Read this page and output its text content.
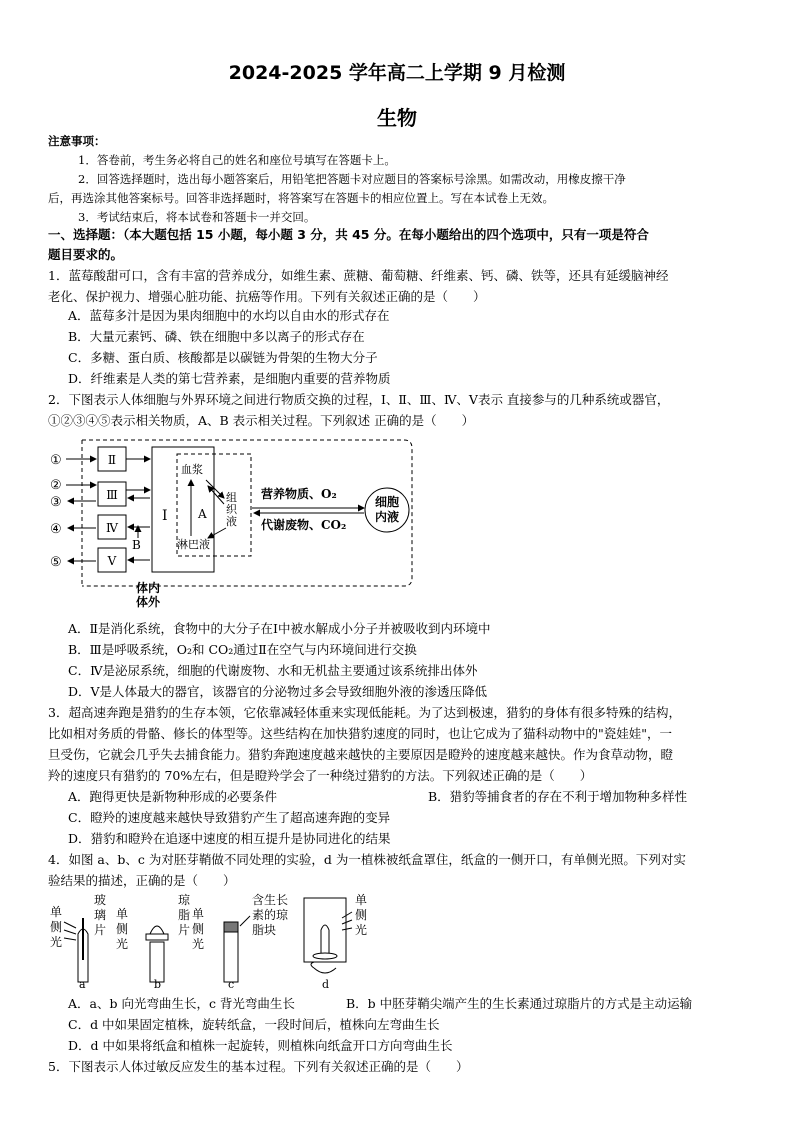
2024-2025 学年高二上学期 9 月检测
生物
注意事项：
1．答卷前，考生务必将自己的姓名和座位号填写在答题卡上。
2．回答选择题时，选出每小题答案后，用铅笔把答题卡对应题目的答案标号涂黑。如需改动，用橡皮擦干净
后，再选涂其他答案标号。回答非选择题时，将答案写在答题卡的相应位置上。写在本试卷上无效。
3．考试结束后，将本试卷和答题卡一并交回。
一、选择题：（本大题包括 15 小题，每小题 3 分，共 45 分。在每小题给出的四个选项中，只有一项是符合
题目要求的。
1．蓝莓酸甜可口，含有丰富的营养成分，如维生素、蔗糖、葡萄糖、纤维素、钙、磷、铁等，还具有延缓脑神经
老化、保护视力、增强心脏功能、抗癌等作用。下列有关叙述正确的是（　　）
A．蓝莓多汁是因为果肉细胞中的水均以自由水的形式存在
B．大量元素钙、磷、铁在细胞中多以离子的形式存在
C．多糖、蛋白质、核酸都是以碳链为骨架的生物大分子
D．纤维素是人类的第七营养素，是细胞内重要的营养物质
2．下图表示人体细胞与外界环境之间进行物质交换的过程，Ⅰ、Ⅱ、Ⅲ、Ⅳ、Ⅴ表示 直接参与的几种系统或器官，
①②③④⑤表示相关物质，A、B 表示相关过程。下列叙述 正确的是（　　）
Ⅱ
Ⅲ
Ⅳ
Ⅴ
Ⅰ
①
②
③
④
⑤
B
血浆
组
织
液
淋巴液
A
营养物质、O₂
代谢废物、CO₂
细胞
内液
体内
体外
A．Ⅱ是消化系统，食物中的大分子在Ⅰ中被水解成小分子并被吸收到内环境中
B．Ⅲ是呼吸系统，O₂和 CO₂通过Ⅱ在空气与内环境间进行交换
C．Ⅳ是泌尿系统，细胞的代谢废物、水和无机盐主要通过该系统排出体外
D．Ⅴ是人体最大的器官，该器官的分泌物过多会导致细胞外液的渗透压降低
3．超高速奔跑是猎豹的生存本领，它依靠减轻体重来实现低能耗。为了达到极速，猎豹的身体有很多特殊的结构，
比如相对务质的骨骼、修长的体型等。这些结构在加快猎豹速度的同时，也让它成为了猫科动物中的"瓷娃娃"，一
旦受伤，它就会几乎失去捕食能力。猎豹奔跑速度越来越快的主要原因是瞪羚的速度越来越快。作为食草动物，瞪
羚的速度只有猎豹的 70%左右，但是瞪羚学会了一种绕过猎豹的方法。下列叙述正确的是（　　）
A．跑得更快是新物种形成的必要条件	B．猎豹等捕食者的存在不利于增加物种多样性
C．瞪羚的速度越来越快导致猎豹产生了超高速奔跑的变异
D．猎豹和瞪羚在追逐中速度的相互提升是协同进化的结果
4．如图 a、b、c 为对胚芽鞘做不同处理的实验，d 为一植株被纸盒罩住，纸盒的一侧开口，有单侧光照。下列对实
验结果的描述，正确的是（　　）
单
侧
光
玻
璃
片
a
单
侧
光
琼
脂
片
b
单
侧
光
含生长
素的琼
脂块
c
单
侧
光
d
A．a、b 向光弯曲生长，c 背光弯曲生长	B．b 中胚芽鞘尖端产生的生长素通过琼脂片的方式是主动运输
C．d 中如果固定植株，旋转纸盒，一段时间后，植株向左弯曲生长
D．d 中如果将纸盒和植株一起旋转，则植株向纸盒开口方向弯曲生长
5．下图表示人体过敏反应发生的基本过程。下列有关叙述正确的是（　　）
